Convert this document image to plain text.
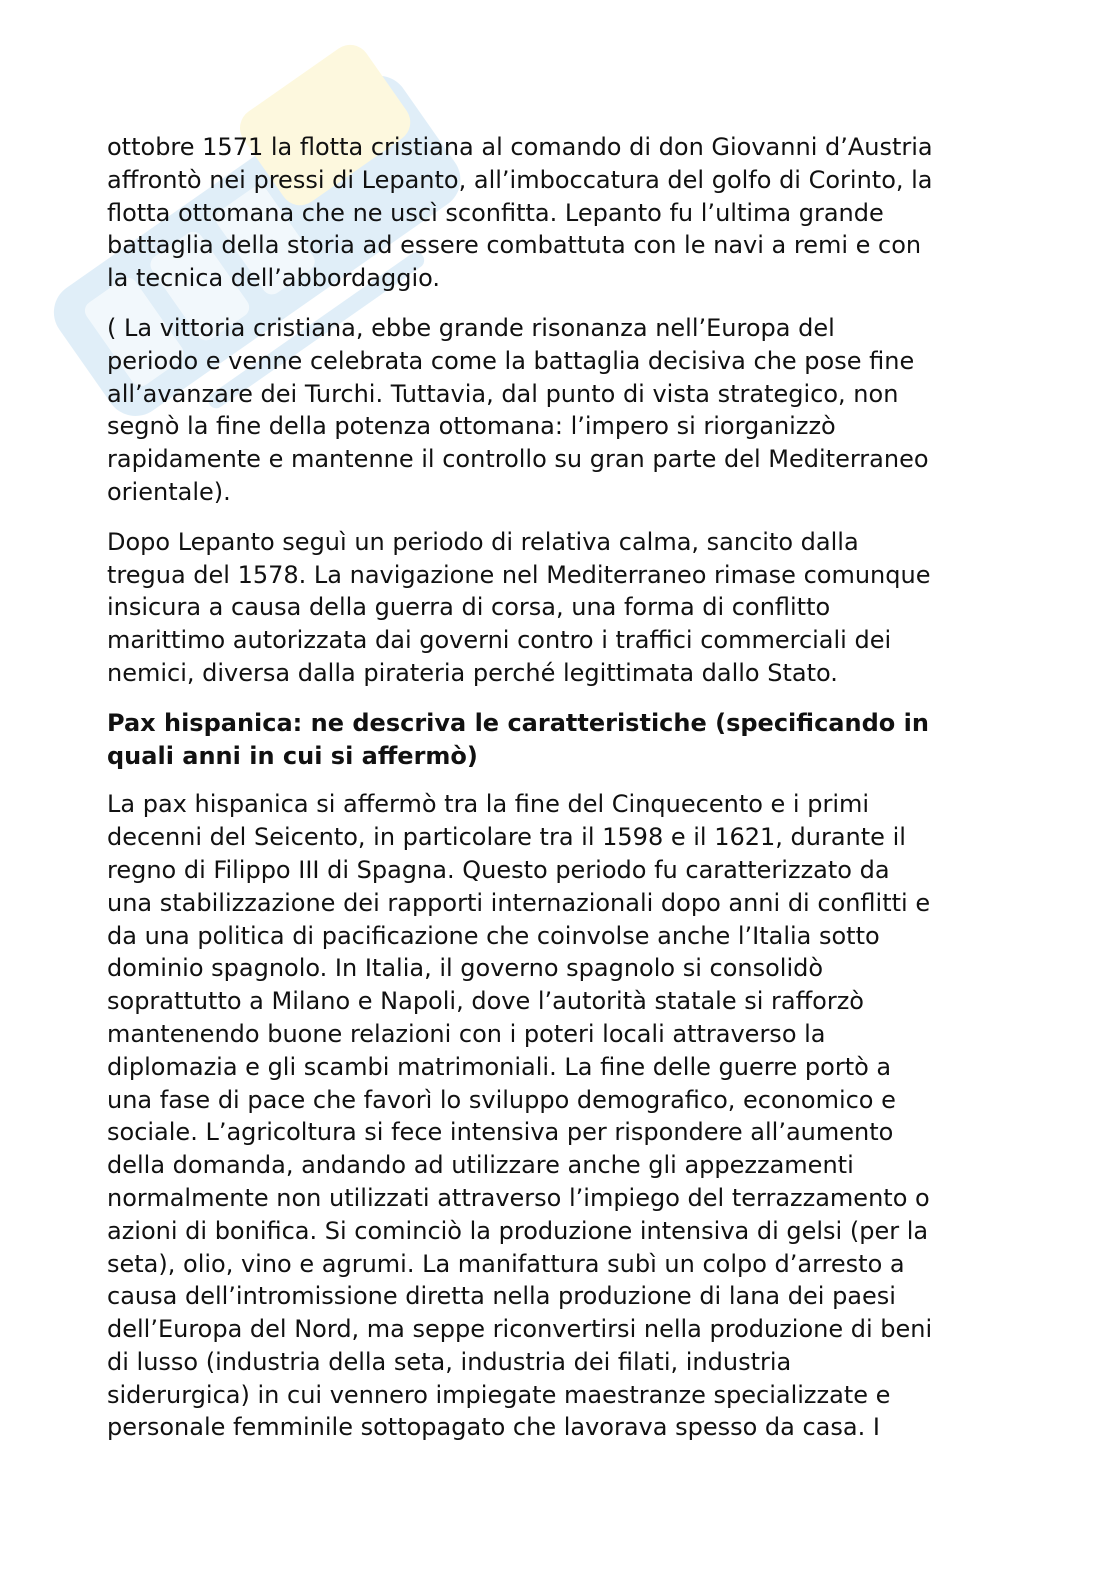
ottobre 1571 la flotta cristiana al comando di don Giovanni d’Austria
affrontò nei pressi di Lepanto, all’imboccatura del golfo di Corinto, la
flotta ottomana che ne uscì sconfitta. Lepanto fu l’ultima grande
battaglia della storia ad essere combattuta con le navi a remi e con
la tecnica dell’abbordaggio.
( La vittoria cristiana, ebbe grande risonanza nell’Europa del
periodo e venne celebrata come la battaglia decisiva che pose fine
all’avanzare dei Turchi. Tuttavia, dal punto di vista strategico, non
segnò la fine della potenza ottomana: l’impero si riorganizzò
rapidamente e mantenne il controllo su gran parte del Mediterraneo
orientale).
Dopo Lepanto seguì un periodo di relativa calma, sancito dalla
tregua del 1578. La navigazione nel Mediterraneo rimase comunque
insicura a causa della guerra di corsa, una forma di conflitto
marittimo autorizzata dai governi contro i traffici commerciali dei
nemici, diversa dalla pirateria perché legittimata dallo Stato.
Pax hispanica: ne descriva le caratteristiche (specificando in
quali anni in cui si affermò)
La pax hispanica si affermò tra la fine del Cinquecento e i primi
decenni del Seicento, in particolare tra il 1598 e il 1621, durante il
regno di Filippo III di Spagna. Questo periodo fu caratterizzato da
una stabilizzazione dei rapporti internazionali dopo anni di conflitti e
da una politica di pacificazione che coinvolse anche l’Italia sotto
dominio spagnolo. In Italia, il governo spagnolo si consolidò
soprattutto a Milano e Napoli, dove l’autorità statale si rafforzò
mantenendo buone relazioni con i poteri locali attraverso la
diplomazia e gli scambi matrimoniali. La fine delle guerre portò a
una fase di pace che favorì lo sviluppo demografico, economico e
sociale. L’agricoltura si fece intensiva per rispondere all’aumento
della domanda, andando ad utilizzare anche gli appezzamenti
normalmente non utilizzati attraverso l’impiego del terrazzamento o
azioni di bonifica. Si cominciò la produzione intensiva di gelsi (per la
seta), olio, vino e agrumi. La manifattura subì un colpo d’arresto a
causa dell’intromissione diretta nella produzione di lana dei paesi
dell’Europa del Nord, ma seppe riconvertirsi nella produzione di beni
di lusso (industria della seta, industria dei filati, industria
siderurgica) in cui vennero impiegate maestranze specializzate e
personale femminile sottopagato che lavorava spesso da casa. I
